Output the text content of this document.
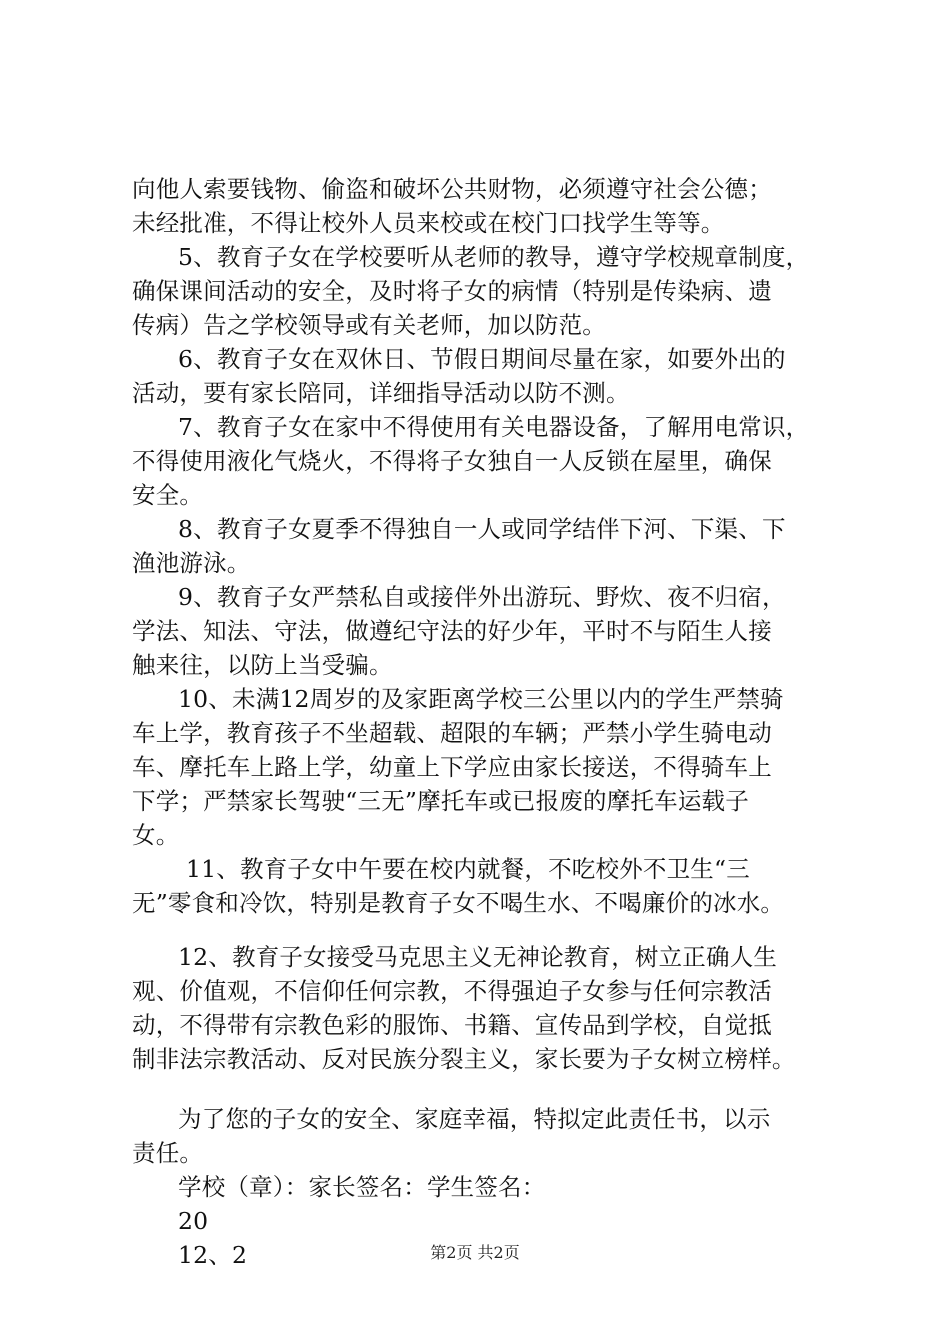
向他人索要钱物、偷盗和破坏公共财物，必须遵守社会公德；
未经批准，不得让校外人员来校或在校门口找学生等等。
5、教育子女在学校要听从老师的教导，遵守学校规章制度，
确保课间活动的安全，及时将子女的病情（特别是传染病、遗
传病）告之学校领导或有关老师，加以防范。
6、教育子女在双休日、节假日期间尽量在家，如要外出的
活动，要有家长陪同，详细指导活动以防不测。
7、教育子女在家中不得使用有关电器设备，了解用电常识，
不得使用液化气烧火，不得将子女独自一人反锁在屋里，确保
安全。
8、教育子女夏季不得独自一人或同学结伴下河、下渠、下
渔池游泳。
9、教育子女严禁私自或接伴外出游玩、野炊、夜不归宿，
学法、知法、守法，做遵纪守法的好少年，平时不与陌生人接
触来往，以防上当受骗。
10、未满12周岁的及家距离学校三公里以内的学生严禁骑
车上学，教育孩子不坐超载、超限的车辆；严禁小学生骑电动
车、摩托车上路上学，幼童上下学应由家长接送，不得骑车上
下学；严禁家长驾驶“三无”摩托车或已报废的摩托车运载子
女。
11、教育子女中午要在校内就餐，不吃校外不卫生“三
无”零食和冷饮，特别是教育子女不喝生水、不喝廉价的冰水。
12、教育子女接受马克思主义无神论教育，树立正确人生
观、价值观，不信仰任何宗教，不得强迫子女参与任何宗教活
动，不得带有宗教色彩的服饰、书籍、宣传品到学校，自觉抵
制非法宗教活动、反对民族分裂主义，家长要为子女树立榜样。
为了您的子女的安全、家庭幸福，特拟定此责任书，以示
责任。
学校（章）：家长签名：学生签名：
20
12、2	第2页 共2页
